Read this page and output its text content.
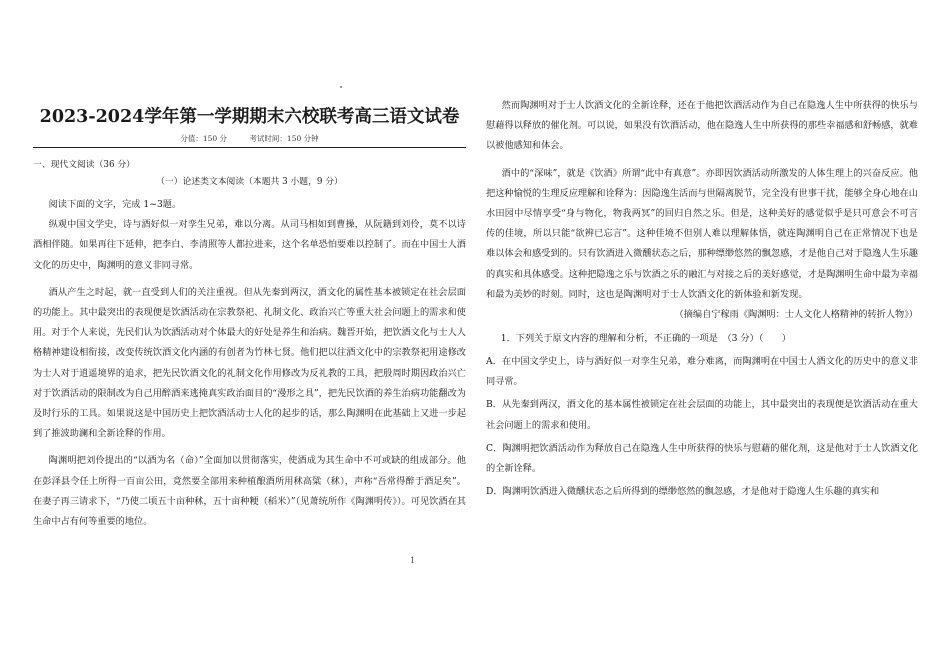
2023-2024学年第一学期期末六校联考高三语文试卷
分值：150 分	考试时间：150 分钟

一、现代文阅读（36 分）

（一）论述类文本阅读（本题共 3 小题，9 分）

阅读下面的文字，完成 1~3题。

纵观中国文学史，诗与酒好似一对孪生兄弟，难以分离。从司马相如到曹操，从阮籍到刘伶，莫不以诗酒相伴随。如果再往下延伸，把李白、李清照等人都拉进来，这个名单恐怕要难以控制了。而在中国士人酒文化的历史中，陶渊明的意义非同寻常。

酒从产生之时起，就一直受到人们的关注重视。但从先秦到两汉，酒文化的属性基本被锁定在社会层面的功能上。其中最突出的表现便是饮酒活动在宗教祭祀、礼制文化、政治兴亡等重大社会问题上的需求和使用。对于个人来说，先民们认为饮酒活动对个体最大的好处是养生和治病。魏晋开始，把饮酒文化与士人人格精神建设相衔接，改变传统饮酒文化内涵的有创者为竹林七贤。他们把以往酒文化中的宗教祭祀用途修改为士人对于逍遥境界的追求，把先民饮酒文化的礼制文化作用修改为反礼教的工具，把殷周时期因政治兴亡对于饮酒活动的限制改为自己用醉酒来逃掩真实政治面目的“漫形之具”，把先民饮酒的养生治病功能翻改为及时行乐的工具。如果说这是中国历史上把饮酒活动士人化的起步的话，那么陶渊明在此基础上又进一步起到了推波助澜和全新诠释的作用。

陶渊明把刘伶提出的“以酒为名（命）”全面加以贯彻落实，使酒成为其生命中不可或缺的组成部分。他在彭泽县令任上所得一百亩公田，竟然要全部用来种植酿酒所用秫高粱（秫），声称“吾常得醉于酒足矣”。在妻子再三请求下，“乃使二顷五十亩种秫，五十亩种粳（稻米）”（见萧统所作《陶渊明传》）。可见饮酒在其生命中占有何等重要的地位。

然而陶渊明对于士人饮酒文化的全新诠释，还在于他把饮酒活动作为自己在隐逸人生中所获得的快乐与慰藉得以释放的催化剂。可以说，如果没有饮酒活动，他在隐逸人生中所获得的那些幸福感和舒畅感，就难以被他感知和体会。

酒中的“深味”，就是《饮酒》所谓“此中有真意”。亦即因饮酒活动所激发的人体生理上的兴奋反应。他把这种愉悦的生理反应理解和诠释为：因隐逸生活而与世隔离脱节，完全没有世事干扰，能够全身心地在山水田园中尽情享受“身与物化，物我两冥”的回归自然之乐。但是，这种美好的感觉似乎是只可意会不可言传的佳境，所以只能“欲辨已忘言”。这种佳境不但别人难以理解体悟，就连陶渊明自己在正常情况下也是难以体会和感受到的。只有饮酒进入微醺状态之后，那种缥缈悠然的飘忽感，才是他自己对于隐逸人生乐趣的真实和具体感受。这种把隐逸之乐与饮酒之乐的融汇与对接之后的美好感觉，才是陶渊明生命中最为幸福和最为美妙的时刻。同时，这也是陶渊明对于士人饮酒文化的新体验和新发现。

（摘编自宁稼雨《陶渊明：士人文化人格精神的转折人物》）

1．下列关于原文内容的理解和分析，不正确的一项是　（3 分）（　　）

A．在中国文学史上，诗与酒好似一对孪生兄弟，难分难离，而陶渊明在中国士人酒文化的历史中的意义非同寻常。

B．从先秦到两汉，酒文化的基本属性被锁定在社会层面的功能上，其中最突出的表现便是饮酒活动在重大社会问题上的需求和使用。

C．陶渊明把饮酒活动作为释放自己在隐逸人生中所获得的快乐与慰藉的催化剂，这是他对于士人饮酒文化的全新诠释。

D．陶渊明饮酒进入微醺状态之后所得到的缥缈悠然的飘忽感，才是他对于隐逸人生乐趣的真实和

1
